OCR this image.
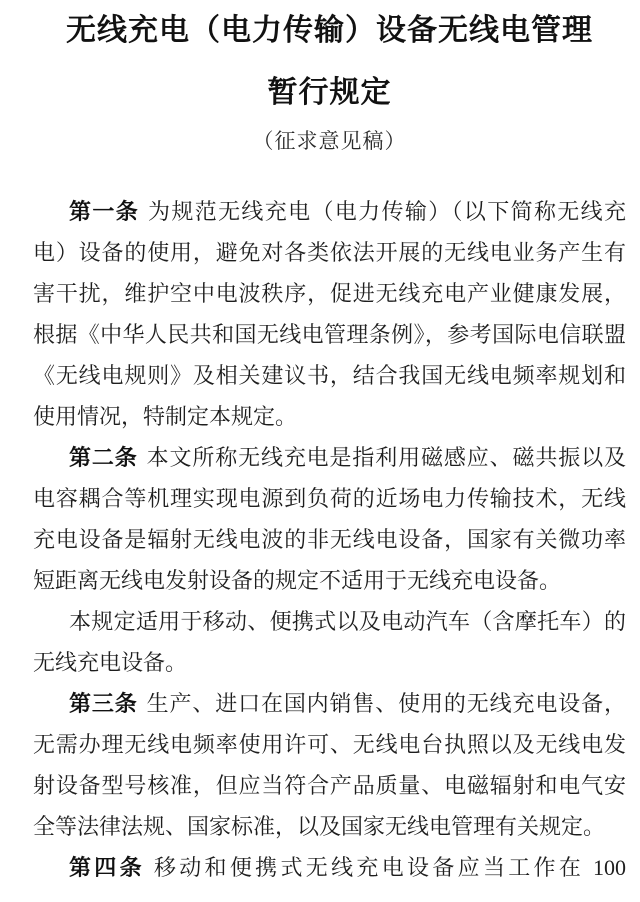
无线充电（电力传输）设备无线电管理
暂行规定
（征求意见稿）

第一条 为规范无线充电（电力传输）（以下简称无线充电）设备的使用，避免对各类依法开展的无线电业务产生有害干扰，维护空中电波秩序，促进无线充电产业健康发展，根据《中华人民共和国无线电管理条例》，参考国际电信联盟《无线电规则》及相关建议书，结合我国无线电频率规划和使用情况，特制定本规定。

第二条 本文所称无线充电是指利用磁感应、磁共振以及电容耦合等机理实现电源到负荷的近场电力传输技术，无线充电设备是辐射无线电波的非无线电设备，国家有关微功率短距离无线电发射设备的规定不适用于无线充电设备。

本规定适用于移动、便携式以及电动汽车（含摩托车）的无线充电设备。

第三条 生产、进口在国内销售、使用的无线充电设备，无需办理无线电频率使用许可、无线电台执照以及无线电发射设备型号核准，但应当符合产品质量、电磁辐射和电气安全等法律法规、国家标准，以及国家无线电管理有关规定。

第四条 移动和便携式无线充电设备应当工作在 100
